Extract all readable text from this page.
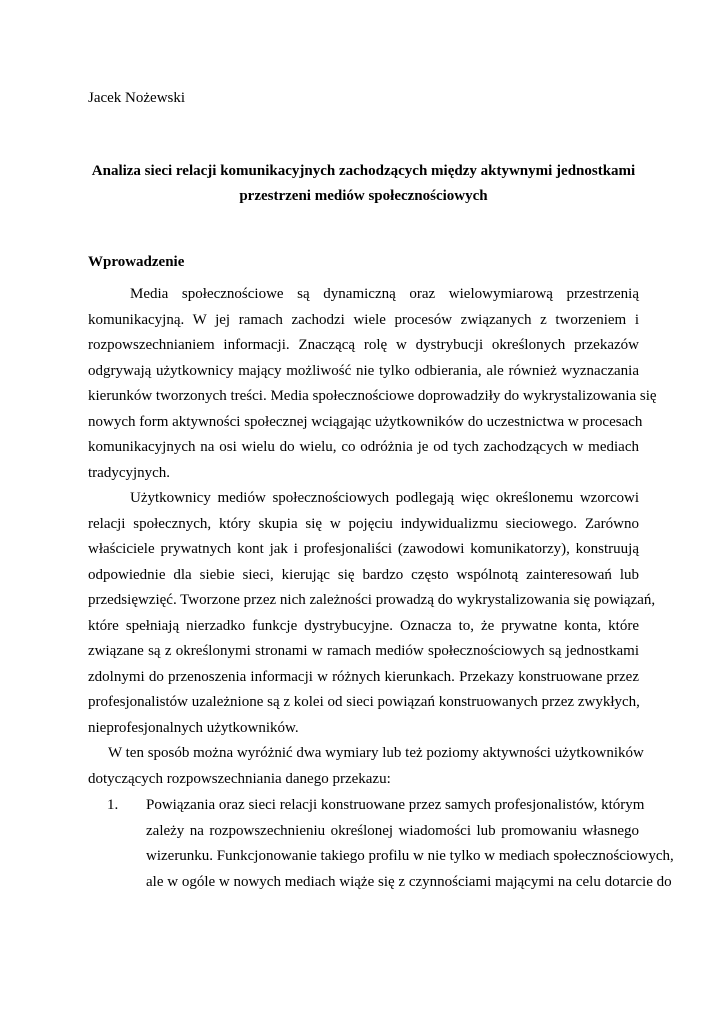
Jacek Nożewski
Analiza sieci relacji komunikacyjnych zachodzących między aktywnymi jednostkami
przestrzeni mediów społecznościowych
Wprowadzenie
Media społecznościowe są dynamiczną oraz wielowymiarową przestrzenią
komunikacyjną. W jej ramach zachodzi wiele procesów związanych z tworzeniem i
rozpowszechnianiem informacji. Znaczącą rolę w dystrybucji określonych przekazów
odgrywają użytkownicy mający możliwość nie tylko odbierania, ale również wyznaczania
kierunków tworzonych treści. Media społecznościowe doprowadziły do wykrystalizowania się
nowych form aktywności społecznej wciągając użytkowników do uczestnictwa w procesach
komunikacyjnych na osi wielu do wielu, co odróżnia je od tych zachodzących w mediach
tradycyjnych.
Użytkownicy mediów społecznościowych podlegają więc określonemu wzorcowi
relacji społecznych, który skupia się w pojęciu indywidualizmu sieciowego. Zarówno
właściciele prywatnych kont jak i profesjonaliści (zawodowi komunikatorzy), konstruują
odpowiednie dla siebie sieci, kierując się bardzo często wspólnotą zainteresowań lub
przedsięwzięć. Tworzone przez nich zależności prowadzą do wykrystalizowania się powiązań,
które spełniają nierzadko funkcje dystrybucyjne. Oznacza to, że prywatne konta, które
związane są z określonymi stronami w ramach mediów społecznościowych są jednostkami
zdolnymi do przenoszenia informacji w różnych kierunkach. Przekazy konstruowane przez
profesjonalistów uzależnione są z kolei od sieci powiązań konstruowanych przez zwykłych,
nieprofesjonalnych użytkowników.
W ten sposób można wyróżnić dwa wymiary lub też poziomy aktywności użytkowników
dotyczących rozpowszechniania danego przekazu:
1. Powiązania oraz sieci relacji konstruowane przez samych profesjonalistów, którym
zależy na rozpowszechnieniu określonej wiadomości lub promowaniu własnego
wizerunku. Funkcjonowanie takiego profilu w nie tylko w mediach społecznościowych,
ale w ogóle w nowych mediach wiąże się z czynnościami mającymi na celu dotarcie do
